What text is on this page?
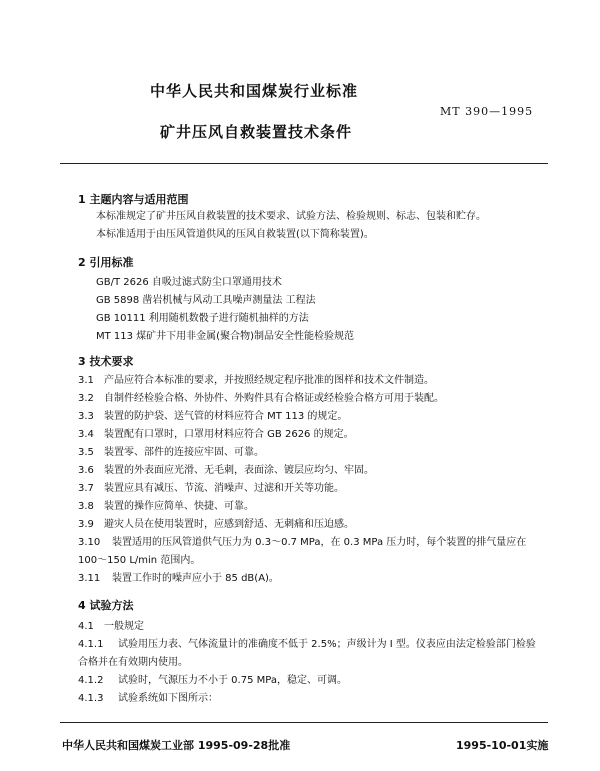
中华人民共和国煤炭行业标准
MT 390—1995
矿井压风自救装置技术条件
1 主题内容与适用范围
本标准规定了矿井压风自救装置的技术要求、试验方法、检验规则、标志、包装和贮存。
本标准适用于由压风管道供风的压风自救装置(以下简称装置)。
2 引用标准
GB/T 2626 自吸过滤式防尘口罩通用技术
GB 5898 凿岩机械与风动工具噪声测量法 工程法
GB 10111 利用随机数骰子进行随机抽样的方法
MT 113 煤矿井下用非金属(聚合物)制品安全性能检验规范
3 技术要求
3.1 产品应符合本标准的要求，并按照经规定程序批准的图样和技术文件制造。
3.2 自制件经检验合格、外协件、外购件具有合格证或经检验合格方可用于装配。
3.3 装置的防护袋、送气管的材料应符合 MT 113 的规定。
3.4 装置配有口罩时，口罩用材料应符合 GB 2626 的规定。
3.5 装置零、部件的连接应牢固、可靠。
3.6 装置的外表面应光滑、无毛刺，表面涂、镀层应均匀、牢固。
3.7 装置应具有减压、节流、消噪声、过滤和开关等功能。
3.8 装置的操作应简单、快捷、可靠。
3.9 避灾人员在使用装置时，应感到舒适、无刺痛和压迫感。
3.10 装置适用的压风管道供气压力为 0.3～0.7 MPa，在 0.3 MPa 压力时，每个装置的排气量应在
100～150 L/min 范围内。
3.11 装置工作时的噪声应小于 85 dB(A)。
4 试验方法
4.1 一般规定
4.1.1 试验用压力表、气体流量计的准确度不低于 2.5%；声级计为 I 型。仪表应由法定检验部门检验
合格并在有效期内使用。
4.1.2 试验时，气源压力不小于 0.75 MPa，稳定、可调。
4.1.3 试验系统如下图所示：
中华人民共和国煤炭工业部 1995-09-28批准	1995-10-01实施
